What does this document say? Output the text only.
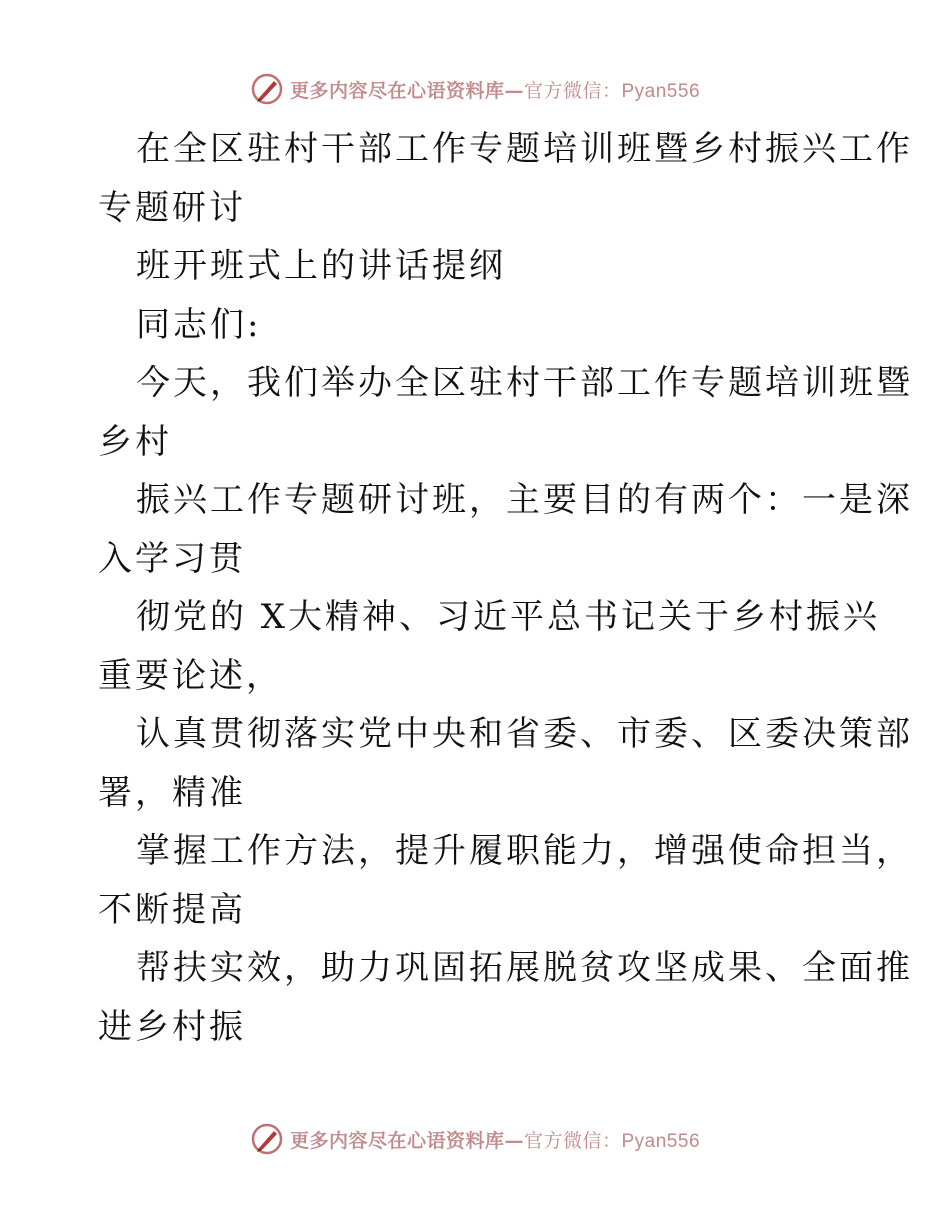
更多内容尽在心语资料库—官方微信：Pyan556
在全区驻村干部工作专题培训班暨乡村振兴工作
专题研讨
班开班式上的讲话提纲
同志们:
今天，我们举办全区驻村干部工作专题培训班暨
乡村
振兴工作专题研讨班，主要目的有两个：一是深
入学习贯
彻党的 X大精神、习近平总书记关于乡村振兴
重要论述，
认真贯彻落实党中央和省委、市委、区委决策部
署，精准
掌握工作方法，提升履职能力，增强使命担当，
不断提高
帮扶实效，助力巩固拓展脱贫攻坚成果、全面推
进乡村振
更多内容尽在心语资料库—官方微信：Pyan556
